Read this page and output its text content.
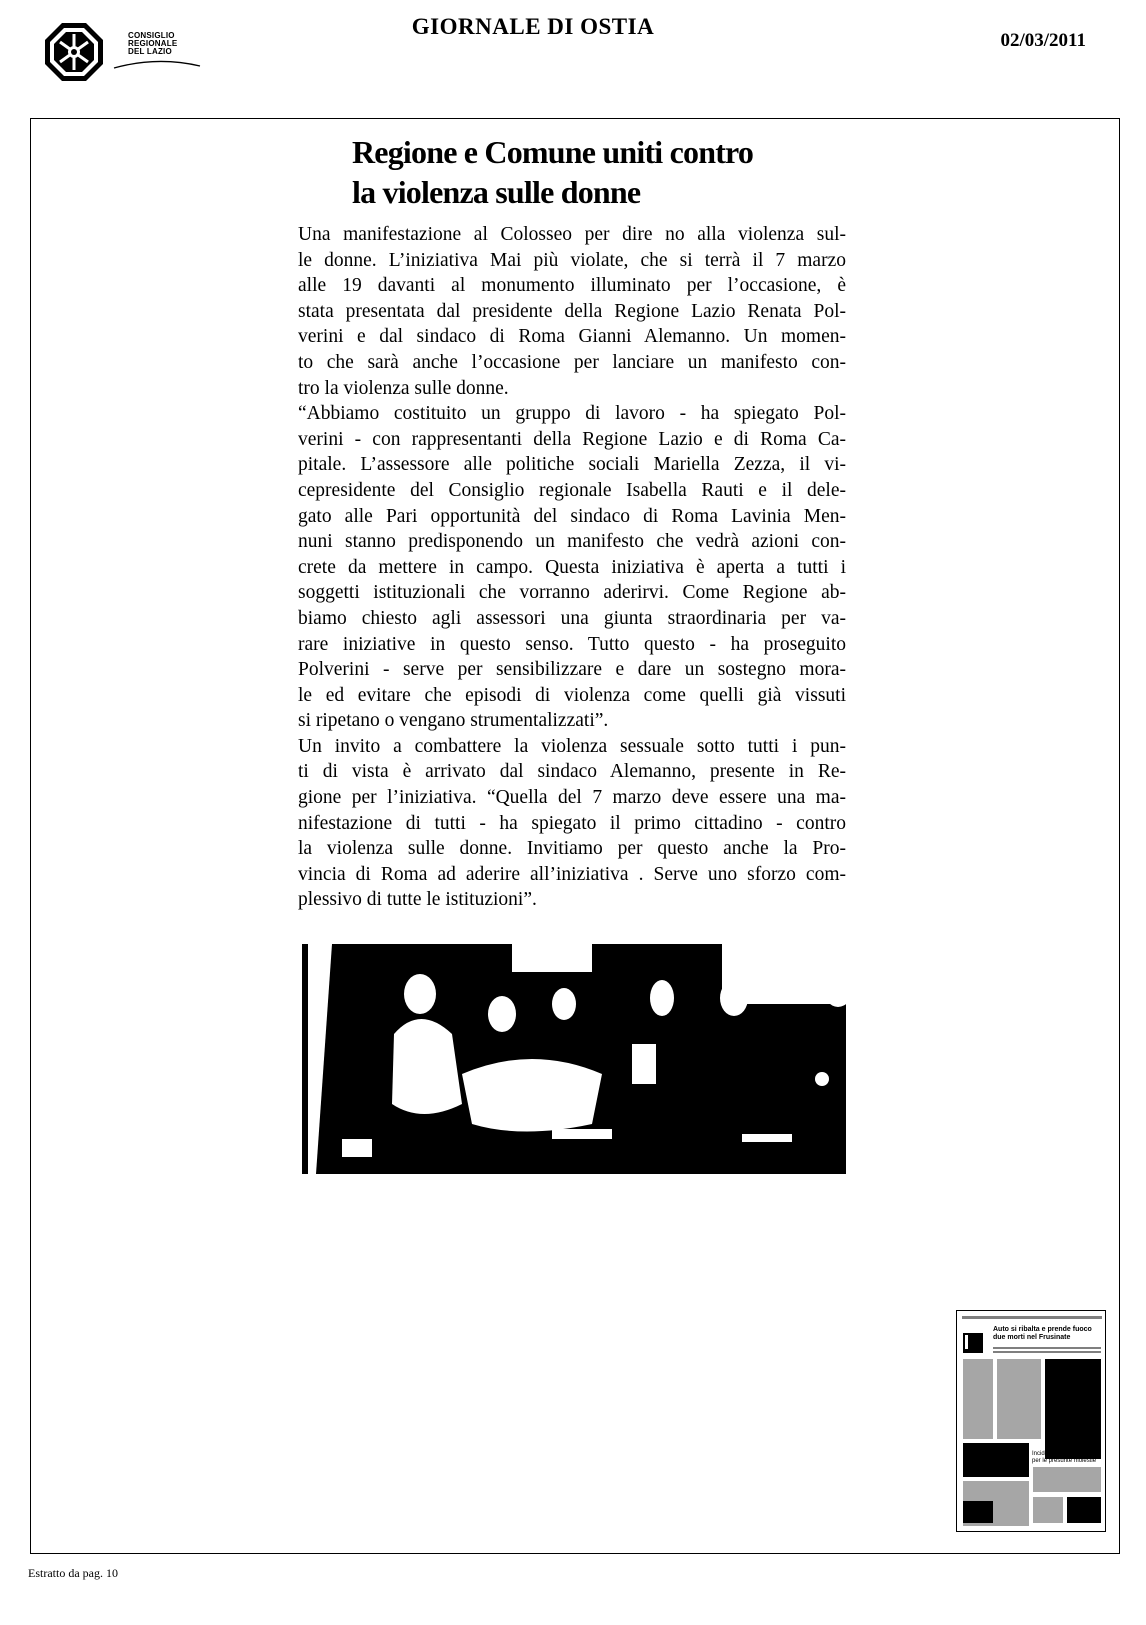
CONSIGLIO
REGIONALE
DEL LAZIO
GIORNALE DI OSTIA
02/03/2011
Regione e Comune uniti contro
la violenza sulle donne
Una manifestazione al Colosseo per dire no alla violenza sul-
le donne. L’iniziativa Mai più violate, che si terrà il 7 marzo
alle 19 davanti al monumento illuminato per l’occasione, è
stata presentata dal presidente della Regione Lazio Renata Pol-
verini e dal sindaco di Roma Gianni Alemanno. Un momen-
to che sarà anche l’occasione per lanciare un manifesto con-
tro la violenza sulle donne.
“Abbiamo costituito un gruppo di lavoro - ha spiegato Pol-
verini - con rappresentanti della Regione Lazio e di Roma Ca-
pitale. L’assessore alle politiche sociali Mariella Zezza, il vi-
cepresidente del Consiglio regionale Isabella Rauti e il dele-
gato alle Pari opportunità del sindaco di Roma Lavinia Men-
nuni stanno predisponendo un manifesto che vedrà azioni con-
crete da mettere in campo. Questa iniziativa è aperta a tutti i
soggetti istituzionali che vorranno aderirvi. Come Regione ab-
biamo chiesto agli assessori una giunta straordinaria per va-
rare iniziative in questo senso. Tutto questo - ha proseguito
Polverini - serve per sensibilizzare e dare un sostegno mora-
le ed evitare che episodi di violenza come quelli già vissuti
si ripetano o vengano strumentalizzati”.
Un invito a combattere la violenza sessuale sotto tutti i pun-
ti di vista è arrivato dal sindaco Alemanno, presente in Re-
gione per l’iniziativa. “Quella del 7 marzo deve essere una ma-
nifestazione di tutti - ha spiegato il primo cittadino - contro
la violenza sulle donne. Invitiamo per questo anche la Pro-
vincia di Roma ad aderire all’iniziativa . Serve uno sforzo com-
plessivo di tutte le istituzioni”.
Auto si ribalta e prende fuoco
due morti nel Frusinate
Incidente probatorio
per le presunte molestie
Estratto da pag. 10
